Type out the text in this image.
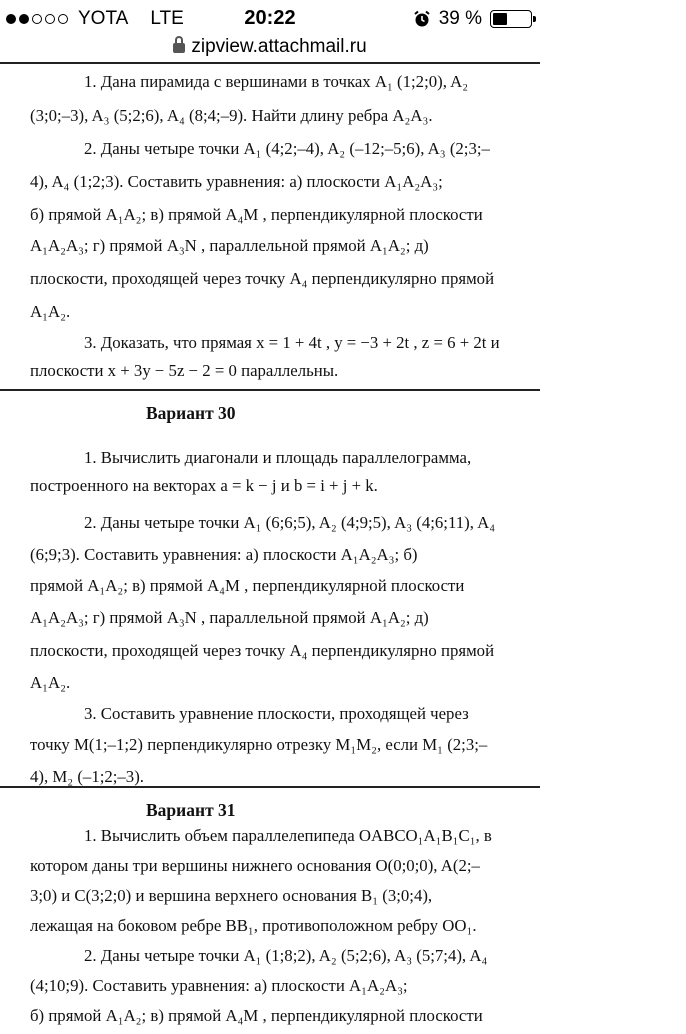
YOTA LTE	20:22	39 %
zipview.attachmail.ru
1. Дана пирамида с вершинами в точках A₁ (1;2;0), A₂
(3;0;–3), A₃ (5;2;6), A₄ (8;4;–9). Найти длину ребра A₂A₃.
2. Даны четыре точки A₁ (4;2;–4), A₂ (–12;–5;6), A₃ (2;3;–
4), A₄ (1;2;3). Составить уравнения: а) плоскости A₁A₂A₃;
б) прямой A₁A₂; в) прямой A₄M , перпендикулярной плоскости
A₁A₂A₃; г) прямой A₃N , параллельной прямой A₁A₂; д)
плоскости, проходящей через точку A₄ перпендикулярно прямой
A₁A₂.
3. Доказать, что прямая x = 1 + 4t , y = −3 + 2t , z = 6 + 2t и
плоскости x + 3y − 5z − 2 = 0 параллельны.
Вариант 30
1. Вычислить диагонали и площадь параллелограмма,
построенного на векторах a = k − j и b = i + j + k.
2. Даны четыре точки A₁ (6;6;5), A₂ (4;9;5), A₃ (4;6;11), A₄
(6;9;3). Составить уравнения: а) плоскости A₁A₂A₃; б)
прямой A₁A₂; в) прямой A₄M , перпендикулярной плоскости
A₁A₂A₃; г) прямой A₃N , параллельной прямой A₁A₂; д)
плоскости, проходящей через точку A₄ перпендикулярно прямой
A₁A₂.
3. Составить уравнение плоскости, проходящей через
точку M(1;–1;2) перпендикулярно отрезку M₁M₂, если M₁ (2;3;–
4), M₂ (–1;2;–3).
Вариант 31
1. Вычислить объем параллелепипеда OABCO₁A₁B₁C₁, в
котором даны три вершины нижнего основания O(0;0;0), A(2;–
3;0) и C(3;2;0) и вершина верхнего основания B₁ (3;0;4),
лежащая на боковом ребре BB₁, противоположном ребру OO₁.
2. Даны четыре точки A₁ (1;8;2), A₂ (5;2;6), A₃ (5;7;4), A₄
(4;10;9). Составить уравнения: а) плоскости A₁A₂A₃;
б) прямой A₁A₂; в) прямой A₄M , перпендикулярной плоскости
